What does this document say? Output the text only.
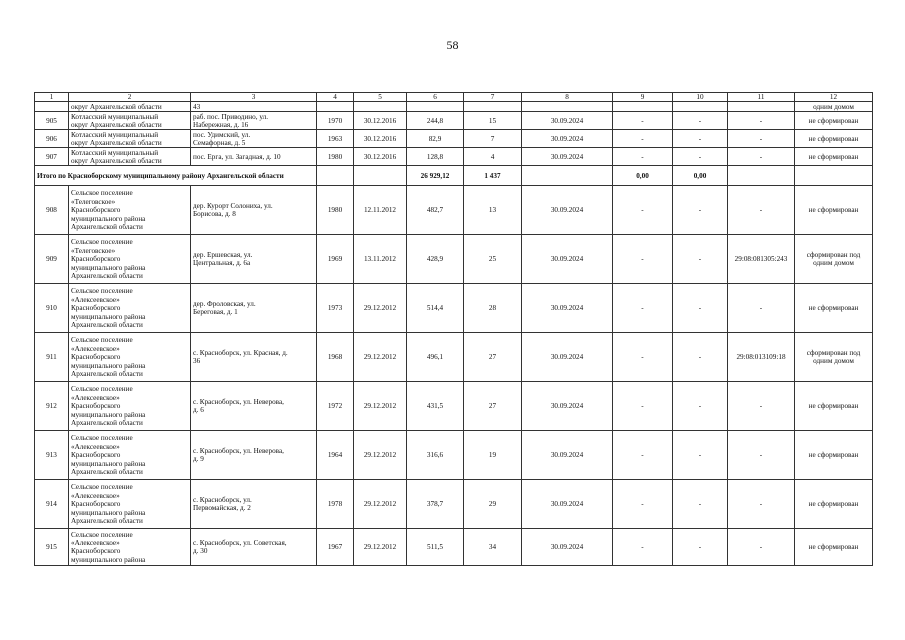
58
1	2	3	4	5	6	7	8	9	10	11	12
	округ Архангельской области	43									одним домом
905	Котласский муниципальный
округ Архангельской области	раб. пос. Приводино, ул.
Набережная, д. 16	1970	30.12.2016	244,8	15	30.09.2024	-	-	-	не сформирован
906	Котласский муниципальный
округ Архангельской области	пос. Удимский, ул.
Семафорная, д. 5	1963	30.12.2016	82,9	7	30.09.2024	-	-	-	не сформирован
907	Котласский муниципальный
округ Архангельской области	пос. Ерга, ул. Загадная, д. 10	1980	30.12.2016	128,8	4	30.09.2024	-	-	-	не сформирован
Итого по Красноборскому муниципальному району Архангельской области					26 929,12	1 437		0,00	0,00		
908	Сельское поселение
«Телеговское»
Красноборского
муниципального района
Архангельской области	дер. Курорт Солониха, ул.
Борисова, д. 8	1980	12.11.2012	482,7	13	30.09.2024	-	-	-	не сформирован
909	Сельское поселение
«Телеговское»
Красноборского
муниципального района
Архангельской области	дер. Ершевская, ул.
Центральная, д. 6а	1969	13.11.2012	428,9	25	30.09.2024	-	-	29:08:081305:243	сформирован под
одним домом
910	Сельское поселение
«Алексеевское»
Красноборского
муниципального района
Архангельской области	дер. Фроловская, ул.
Береговая, д. 1	1973	29.12.2012	514,4	28	30.09.2024	-	-	-	не сформирован
911	Сельское поселение
«Алексеевское»
Красноборского
муниципального района
Архангельской области	с. Красноборск, ул. Красная, д.
36	1968	29.12.2012	496,1	27	30.09.2024	-	-	29:08:013109:18	сформирован под
одним домом
912	Сельское поселение
«Алексеевское»
Красноборского
муниципального района
Архангельской области	с. Красноборск, ул. Неверова,
д. 6	1972	29.12.2012	431,5	27	30.09.2024	-	-	-	не сформирован
913	Сельское поселение
«Алексеевское»
Красноборского
муниципального района
Архангельской области	с. Красноборск, ул. Неверова,
д. 9	1964	29.12.2012	316,6	19	30.09.2024	-	-	-	не сформирован
914	Сельское поселение
«Алексеевское»
Красноборского
муниципального района
Архангельской области	с. Красноборск, ул.
Первомайская, д. 2	1978	29.12.2012	378,7	29	30.09.2024	-	-	-	не сформирован
915	Сельское поселение
«Алексеевское»
Красноборского
муниципального района	с. Красноборск, ул. Советская,
д. 30	1967	29.12.2012	511,5	34	30.09.2024	-	-	-	не сформирован
